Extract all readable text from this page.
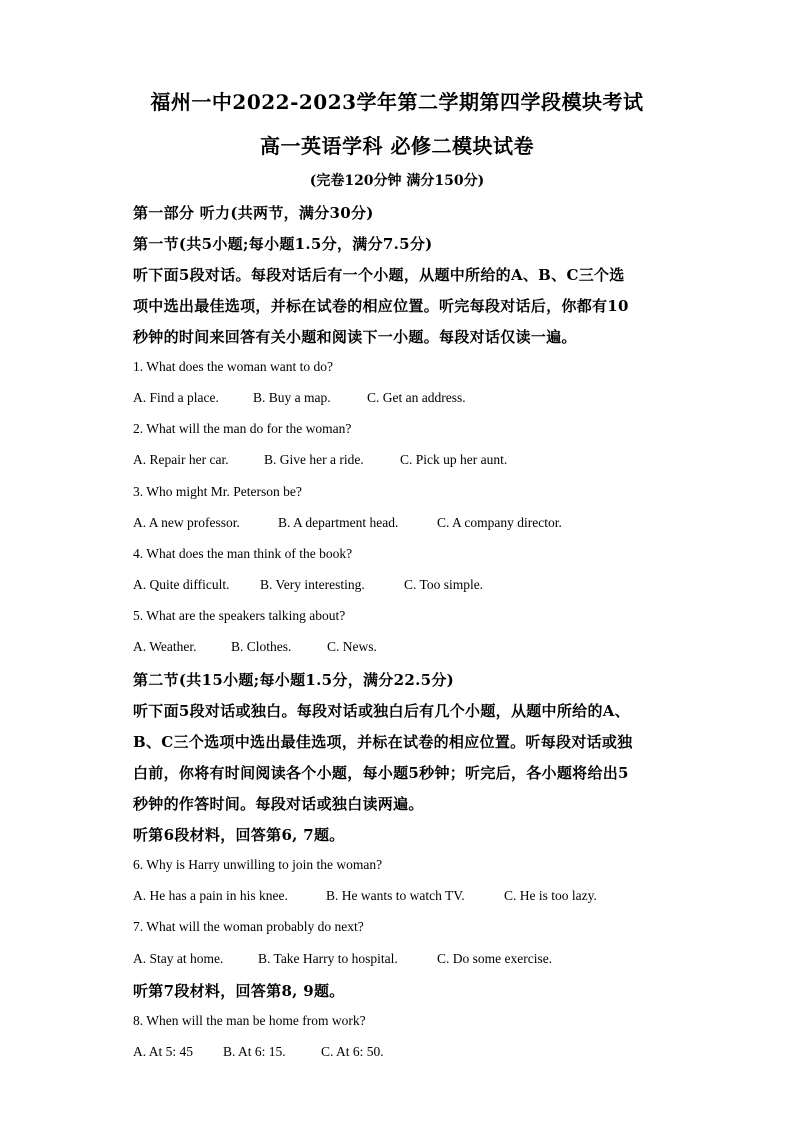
福州一中2022-2023学年第二学期第四学段模块考试
高一英语学科 必修二模块试卷
(完卷120分钟 满分150分)
第一部分 听力(共两节，满分30分)
第一节(共5小题;每小题1.5分，满分7.5分)
听下面5段对话。每段对话后有一个小题，从题中所给的A、B、C三个选
项中选出最佳选项，并标在试卷的相应位置。听完每段对话后，你都有10
秒钟的时间来回答有关小题和阅读下一小题。每段对话仅读一遍。
1. What does the woman want to do?
A. Find a place.	B. Buy a map.	C. Get an address.
2. What will the man do for the woman?
A. Repair her car.	B. Give her a ride.	C. Pick up her aunt.
3. Who might Mr. Peterson be?
A. A new professor.	B. A department head.	C. A company director.
4. What does the man think of the book?
A. Quite difficult. B. Very interesting.	C. Too simple.
5. What are the speakers talking about?
A. Weather.	B. Clothes.	C. News.
第二节(共15小题;每小题1.5分，满分22.5分)
听下面5段对话或独白。每段对话或独白后有几个小题，从题中所给的A、
B、C三个选项中选出最佳选项，并标在试卷的相应位置。听每段对话或独
白前，你将有时间阅读各个小题，每小题5秒钟；听完后，各小题将给出5
秒钟的作答时间。每段对话或独白读两遍。
听第6段材料，回答第6, 7题。
6. Why is Harry unwilling to join the woman?
A. He has a pain in his knee.	B. He wants to watch TV.	C. He is too lazy.
7. What will the woman probably do next?
A. Stay at home.	B. Take Harry to hospital.	C. Do some exercise.
听第7段材料，回答第8, 9题。
8. When will the man be home from work?
A. At 5: 45 B. At 6: 15.	C. At 6: 50.
